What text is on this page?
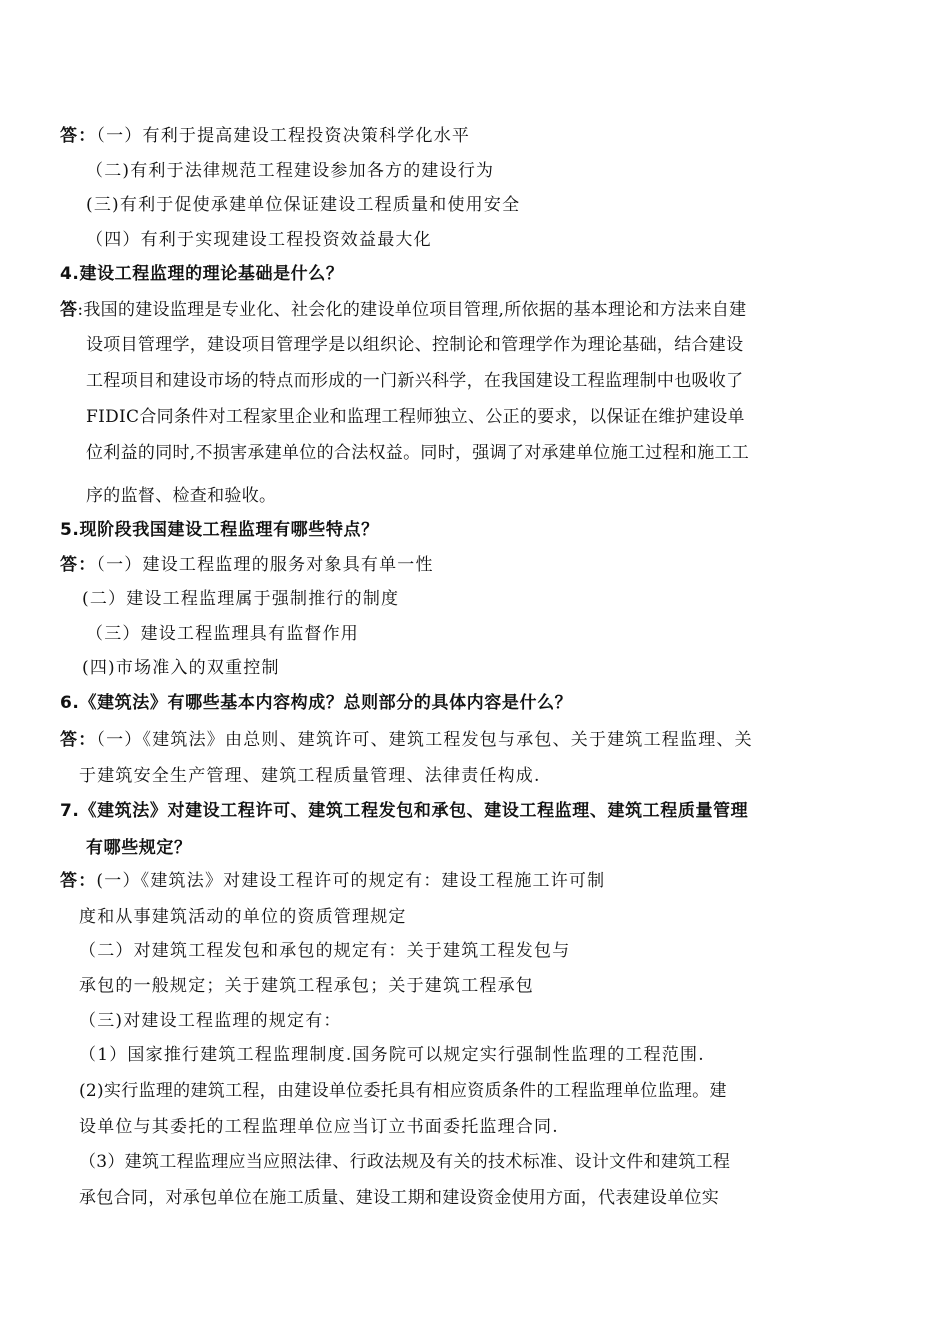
答：（一）有利于提高建设工程投资决策科学化水平
（二)有利于法律规范工程建设参加各方的建设行为
(三)有利于促使承建单位保证建设工程质量和使用安全
（四）有利于实现建设工程投资效益最大化
4.建设工程监理的理论基础是什么？
答:我国的建设监理是专业化、社会化的建设单位项目管理,所依据的基本理论和方法来自建
设项目管理学，建设项目管理学是以组织论、控制论和管理学作为理论基础，结合建设
工程项目和建设市场的特点而形成的一门新兴科学，在我国建设工程监理制中也吸收了
FIDIC合同条件对工程家里企业和监理工程师独立、公正的要求，以保证在维护建设单
位利益的同时,不损害承建单位的合法权益。同时，强调了对承建单位施工过程和施工工
序的监督、检查和验收。
5.现阶段我国建设工程监理有哪些特点？
答：（一）建设工程监理的服务对象具有单一性
(二）建设工程监理属于强制推行的制度
（三）建设工程监理具有监督作用
(四)市场准入的双重控制
6.《建筑法》有哪些基本内容构成？总则部分的具体内容是什么？
答：（一）《建筑法》由总则、建筑许可、建筑工程发包与承包、关于建筑工程监理、关
于建筑安全生产管理、建筑工程质量管理、法律责任构成.
7.《建筑法》对建设工程许可、建筑工程发包和承包、建设工程监理、建筑工程质量管理
有哪些规定？
答：(一）《建筑法》对建设工程许可的规定有：建设工程施工许可制
度和从事建筑活动的单位的资质管理规定
（二）对建筑工程发包和承包的规定有：关于建筑工程发包与
承包的一般规定；关于建筑工程承包；关于建筑工程承包
（三)对建设工程监理的规定有：
（1）国家推行建筑工程监理制度.国务院可以规定实行强制性监理的工程范围.
(2)实行监理的建筑工程，由建设单位委托具有相应资质条件的工程监理单位监理。建
设单位与其委托的工程监理单位应当订立书面委托监理合同.
（3）建筑工程监理应当应照法律、行政法规及有关的技术标准、设计文件和建筑工程
承包合同，对承包单位在施工质量、建设工期和建设资金使用方面，代表建设单位实
